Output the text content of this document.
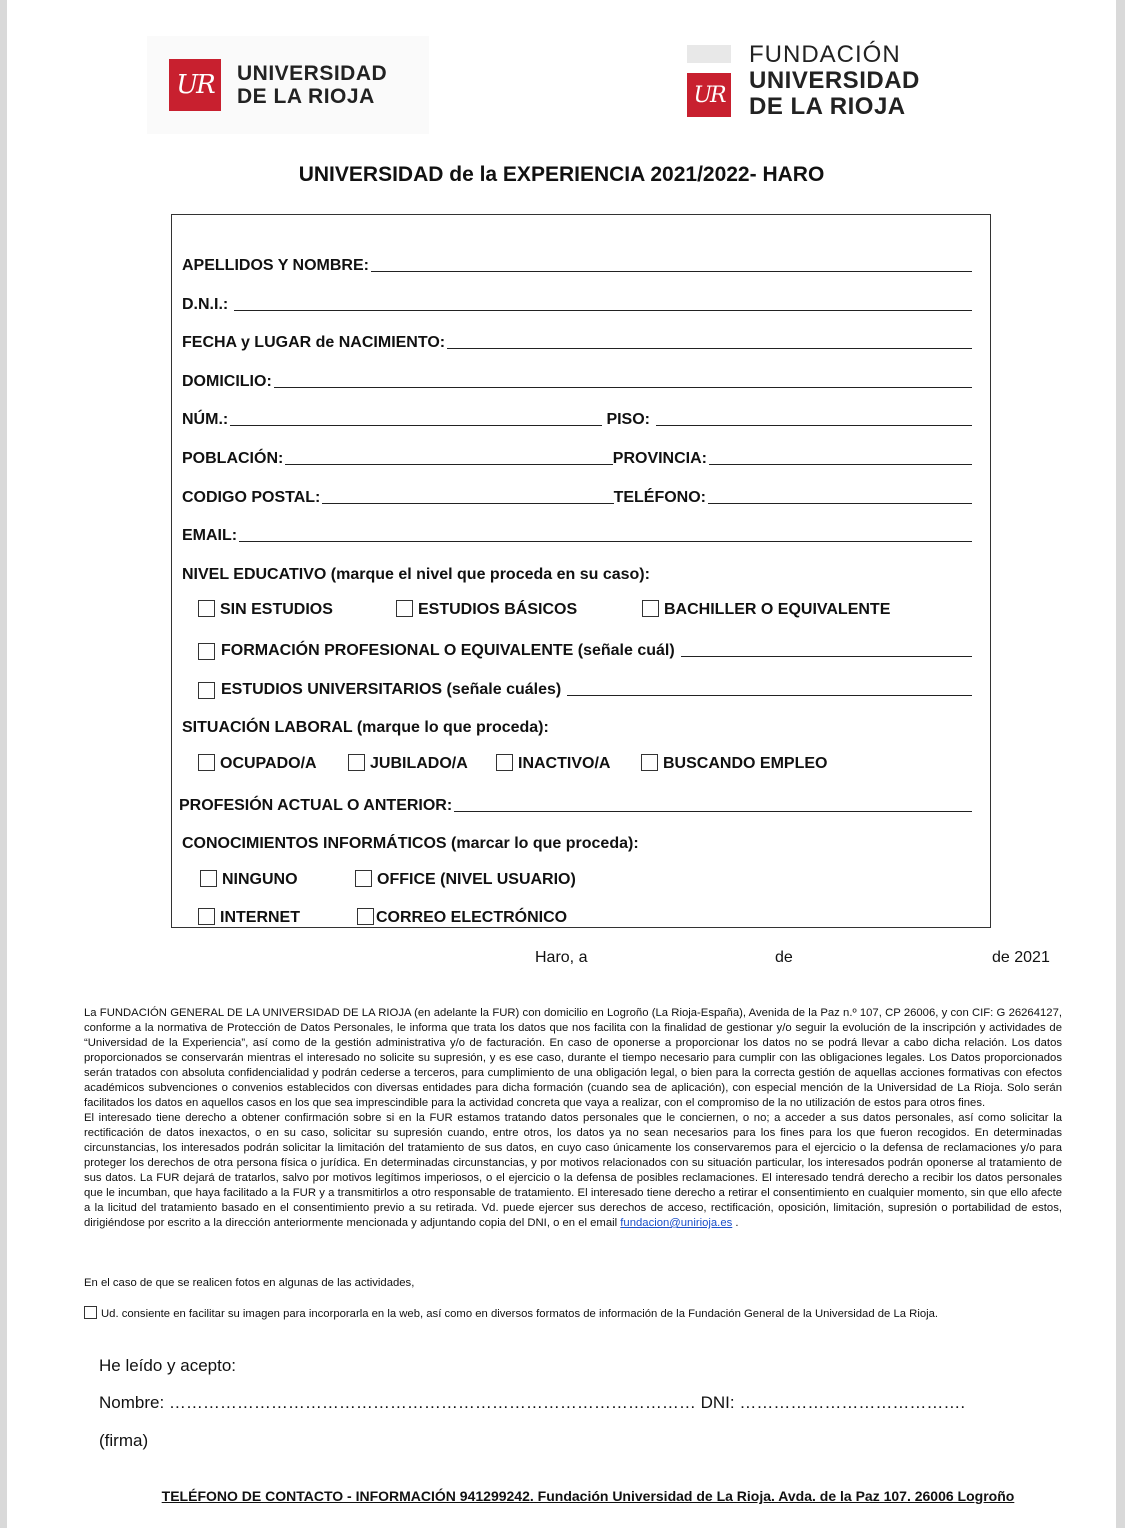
UR	UNIVERSIDAD
DE LA RIOJA	UR
FUNDACIÓN
UNIVERSIDAD
DE LA RIOJA
UNIVERSIDAD de la EXPERIENCIA 2021/2022- HARO
APELLIDOS Y NOMBRE:
D.N.I.:
FECHA y LUGAR de NACIMIENTO:
DOMICILIO:
NÚM.:	PISO:
POBLACIÓN:	PROVINCIA:
CODIGO POSTAL:	TELÉFONO:
EMAIL:
NIVEL EDUCATIVO (marque el nivel que proceda en su caso):
SIN ESTUDIOS	ESTUDIOS BÁSICOS	BACHILLER O EQUIVALENTE
FORMACIÓN PROFESIONAL O EQUIVALENTE (señale cuál)
ESTUDIOS UNIVERSITARIOS (señale cuáles)
SITUACIÓN LABORAL (marque lo que proceda):
OCUPADO/A	JUBILADO/A	INACTIVO/A	BUSCANDO EMPLEO
PROFESIÓN ACTUAL O ANTERIOR:
CONOCIMIENTOS INFORMÁTICOS (marcar lo que proceda):
NINGUNO	OFFICE (NIVEL USUARIO)
INTERNET	CORREO ELECTRÓNICO
Haro, a	de	de 2021
La FUNDACIÓN GENERAL DE LA UNIVERSIDAD DE LA RIOJA (en adelante la FUR) con domicilio en Logroño (La Rioja-España), Avenida de la Paz n.º 107, CP 26006, y con CIF: G 26264127, conforme a la normativa de Protección de Datos Personales, le informa que trata los datos que nos facilita con la finalidad de gestionar y/o seguir la evolución de la inscripción y actividades de “Universidad de la Experiencia”, así como de la gestión administrativa y/o de facturación. En caso de oponerse a proporcionar los datos no se podrá llevar a cabo dicha relación. Los datos proporcionados se conservarán mientras el interesado no solicite su supresión, y es ese caso, durante el tiempo necesario para cumplir con las obligaciones legales. Los Datos proporcionados serán tratados con absoluta confidencialidad y podrán cederse a terceros, para cumplimiento de una obligación legal, o bien para la correcta gestión de aquellas acciones formativas con efectos académicos subvenciones o convenios establecidos con diversas entidades para dicha formación (cuando sea de aplicación), con especial mención de la Universidad de La Rioja. Solo serán facilitados los datos en aquellos casos en los que sea imprescindible para la actividad concreta que vaya a realizar, con el compromiso de la no utilización de estos para otros fines.
El interesado tiene derecho a obtener confirmación sobre si en la FUR estamos tratando datos personales que le conciernen, o no; a acceder a sus datos personales, así como solicitar la rectificación de datos inexactos, o en su caso, solicitar su supresión cuando, entre otros, los datos ya no sean necesarios para los fines para los que fueron recogidos. En determinadas circunstancias, los interesados podrán solicitar la limitación del tratamiento de sus datos, en cuyo caso únicamente los conservaremos para el ejercicio o la defensa de reclamaciones y/o para proteger los derechos de otra persona física o jurídica. En determinadas circunstancias, y por motivos relacionados con su situación particular, los interesados podrán oponerse al tratamiento de sus datos. La FUR dejará de tratarlos, salvo por motivos legítimos imperiosos, o el ejercicio o la defensa de posibles reclamaciones. El interesado tendrá derecho a recibir los datos personales que le incumban, que haya facilitado a la FUR y a transmitirlos a otro responsable de tratamiento. El interesado tiene derecho a retirar el consentimiento en cualquier momento, sin que ello afecte a la licitud del tratamiento basado en el consentimiento previo a su retirada. Vd. puede ejercer sus derechos de acceso, rectificación, oposición, limitación, supresión o portabilidad de estos, dirigiéndose por escrito a la dirección anteriormente mencionada y adjuntando copia del DNI, o en el email fundacion@unirioja.es .
En el caso de que se realicen fotos en algunas de las actividades,
Ud. consiente en facilitar su imagen para incorporarla en la web, así como en diversos formatos de información de la Fundación General de la Universidad de La Rioja.
He leído y acepto:
Nombre: ………………………………………………………………………………… DNI: ………………………………….
(firma)
TELÉFONO DE CONTACTO - INFORMACIÓN 941299242. Fundación Universidad de La Rioja. Avda. de la Paz 107. 26006 Logroño
